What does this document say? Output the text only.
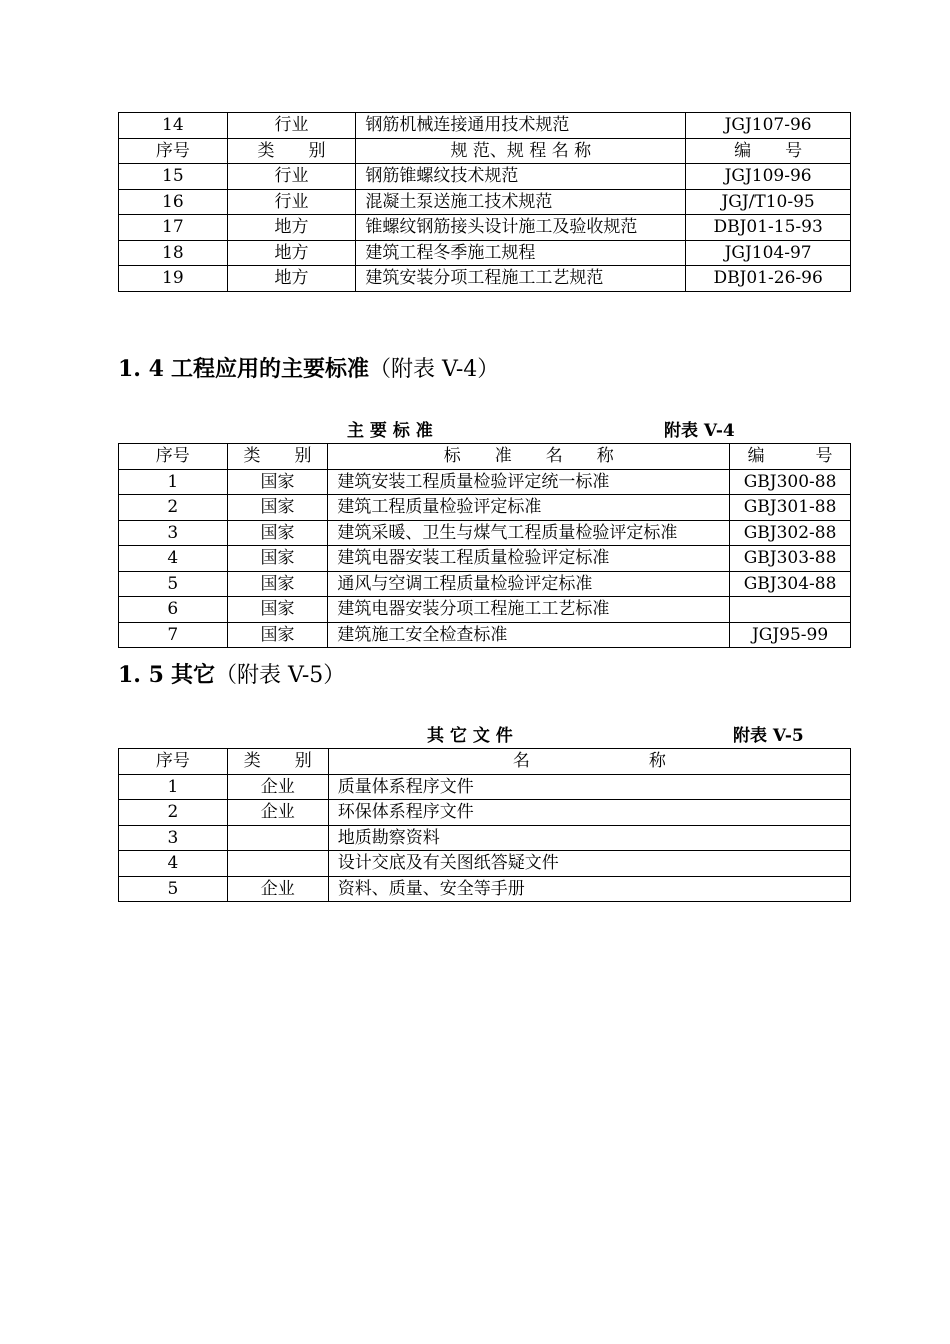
14	行业	钢筋机械连接通用技术规范	JGJ107-96
序号	类　　别	规 范、规 程 名 称	编　　号
15	行业	钢筋锥螺纹技术规范	JGJ109-96
16	行业	混凝土泵送施工技术规范	JGJ/T10-95
17	地方	锥螺纹钢筋接头设计施工及验收规范	DBJ01-15-93
18	地方	建筑工程冬季施工规程	JGJ104-97
19	地方	建筑安装分项工程施工工艺规范	DBJ01-26-96
1. 4 工程应用的主要标准（附表 V-4）
主 要 标 准	附表 V-4
序号	类　　别	标　　准　　名　　称	编　　　号
1	国家	建筑安装工程质量检验评定统一标准	GBJ300-88
2	国家	建筑工程质量检验评定标准	GBJ301-88
3	国家	建筑采暖、卫生与煤气工程质量检验评定标准	GBJ302-88
4	国家	建筑电器安装工程质量检验评定标准	GBJ303-88
5	国家	通风与空调工程质量检验评定标准	GBJ304-88
6	国家	建筑电器安装分项工程施工工艺标准	
7	国家	建筑施工安全检查标准	JGJ95-99
1. 5 其它（附表 V-5）
其 它 文 件	附表 V-5
序号	类　　别	名　　　　　　　称
1	企业	质量体系程序文件
2	企业	环保体系程序文件
3		地质勘察资料
4		设计交底及有关图纸答疑文件
5	企业	资料、质量、安全等手册
